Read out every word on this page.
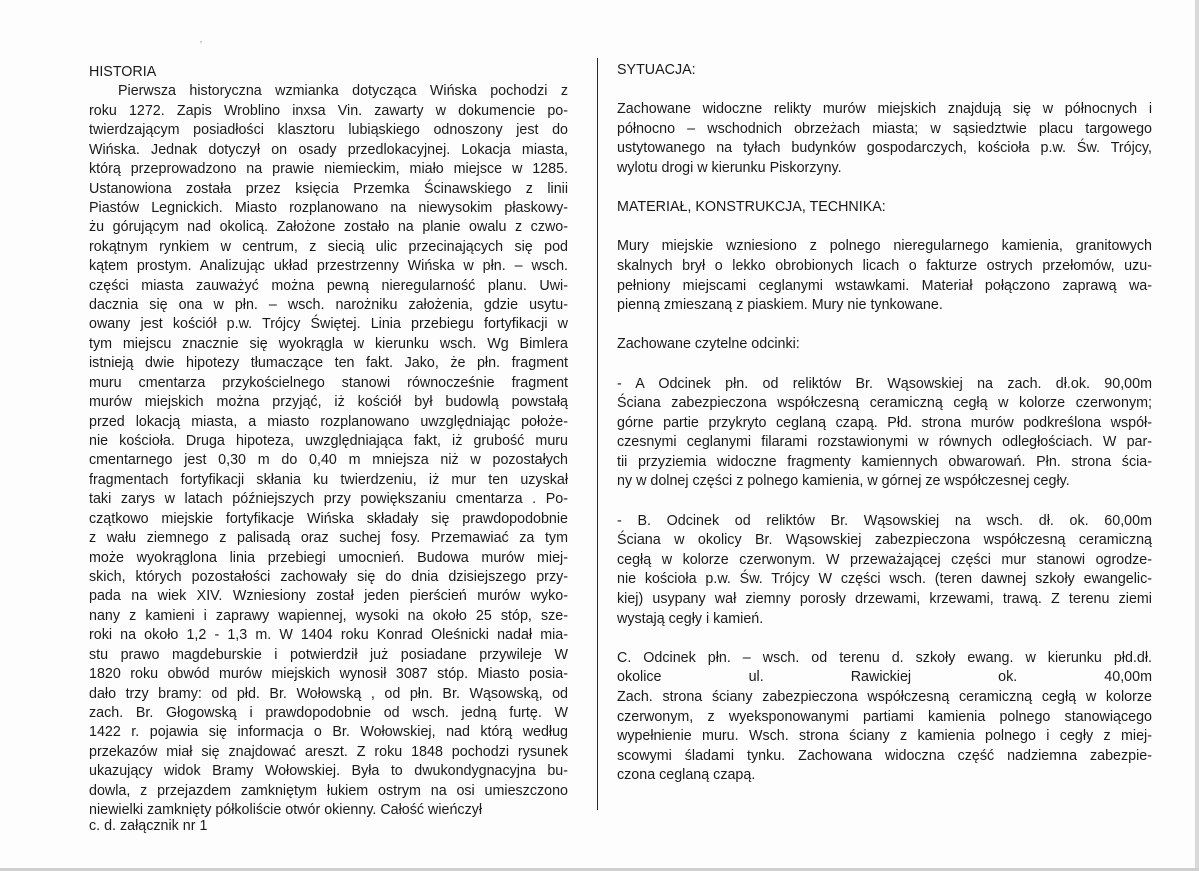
ʼ
HISTORIA
Pierwsza historyczna wzmianka dotycząca Wińska pochodzi z
roku 1272. Zapis Wroblino inxsa Vin. zawarty w dokumencie po-
twierdzającym posiadłości klasztoru lubiąskiego odnoszony jest do
Wińska. Jednak dotyczył on osady przedlokacyjnej. Lokacja miasta,
którą przeprowadzono na prawie niemieckim, miało miejsce w 1285.
Ustanowiona została przez księcia Przemka Ścinawskiego z linii
Piastów Legnickich. Miasto rozplanowano na niewysokim płaskowy-
żu górującym nad okolicą. Założone zostało na planie owalu z czwo-
rokątnym rynkiem w centrum, z siecią ulic przecinających się pod
kątem prostym. Analizując układ przestrzenny Wińska w płn. – wsch.
części miasta zauważyć można pewną nieregularność planu. Uwi-
dacznia się ona w płn. – wsch. narożniku założenia, gdzie usytu-
owany jest kościół p.w. Trójcy Świętej. Linia przebiegu fortyfikacji w
tym miejscu znacznie się wyokrągla w kierunku wsch. Wg Bimlera
istnieją dwie hipotezy tłumaczące ten fakt. Jako, że płn. fragment
muru cmentarza przykościelnego stanowi równocześnie fragment
murów miejskich można przyjąć, iż kościół był budowlą powstałą
przed lokacją miasta, a miasto rozplanowano uwzględniając położe-
nie kościoła. Druga hipoteza, uwzględniająca fakt, iż grubość muru
cmentarnego jest 0,30 m do 0,40 m mniejsza niż w pozostałych
fragmentach fortyfikacji skłania ku twierdzeniu, iż mur ten uzyskał
taki zarys w latach późniejszych przy powiększaniu cmentarza . Po-
czątkowo miejskie fortyfikacje Wińska składały się prawdopodobnie
z wału ziemnego z palisadą oraz suchej fosy. Przemawiać za tym
może wyokrąglona linia przebiegi umocnień. Budowa murów miej-
skich, których pozostałości zachowały się do dnia dzisiejszego przy-
pada na wiek XIV. Wzniesiony został jeden pierścień murów wyko-
nany z kamieni i zaprawy wapiennej, wysoki na około 25 stóp, sze-
roki na około 1,2 - 1,3 m. W 1404 roku Konrad Oleśnicki nadał mia-
stu prawo magdeburskie i potwierdził już posiadane przywileje W
1820 roku obwód murów miejskich wynosił 3087 stóp. Miasto posia-
dało trzy bramy: od płd. Br. Wołowską , od płn. Br. Wąsowską, od
zach. Br. Głogowską i prawdopodobnie od wsch. jedną furtę. W
1422 r. pojawia się informacja o Br. Wołowskiej, nad którą według
przekazów miał się znajdować areszt. Z roku 1848 pochodzi rysunek
ukazujący widok Bramy Wołowskiej. Była to dwukondygnacyjna bu-
dowla, z przejazdem zamkniętym łukiem ostrym na osi umieszczono
niewielki zamknięty półkoliście otwór okienny. Całość wieńczył
SYTUACJA:
Zachowane widoczne relikty murów miejskich znajdują się w północnych i
północno – wschodnich obrzeżach miasta; w sąsiedztwie placu targowego
ustytowanego na tyłach budynków gospodarczych, kościoła p.w. Św. Trójcy,
wylotu drogi w kierunku Piskorzyny.
MATERIAŁ, KONSTRUKCJA, TECHNIKA:
Mury miejskie wzniesiono z polnego nieregularnego kamienia, granitowych
skalnych brył o lekko obrobionych licach o fakturze ostrych przełomów, uzu-
pełniony miejscami ceglanymi wstawkami. Materiał połączono zaprawą wa-
pienną zmieszaną z piaskiem. Mury nie tynkowane.
Zachowane czytelne odcinki:
- A Odcinek płn. od reliktów Br. Wąsowskiej na zach. dł.ok. 90,00m
Ściana zabezpieczona współczesną ceramiczną cegłą w kolorze czerwonym;
górne partie przykryto ceglaną czapą. Płd. strona murów podkreślona współ-
czesnymi ceglanymi filarami rozstawionymi w równych odległościach. W par-
tii przyziemia widoczne fragmenty kamiennych obwarowań. Płn. strona ścia-
ny w dolnej części z polnego kamienia, w górnej ze współczesnej cegły.
- B. Odcinek od reliktów Br. Wąsowskiej na wsch. dł. ok. 60,00m
Ściana w okolicy Br. Wąsowskiej zabezpieczona współczesną ceramiczną
cegłą w kolorze czerwonym. W przeważającej części mur stanowi ogrodze-
nie kościoła p.w. Św. Trójcy W części wsch. (teren dawnej szkoły ewangelic-
kiej) usypany wał ziemny porosły drzewami, krzewami, trawą. Z terenu ziemi
wystają cegły i kamień.
C. Odcinek płn. – wsch. od terenu d. szkoły ewang. w kierunku płd.dł.
okolice ul. Rawickiej ok. 40,00m
Zach. strona ściany zabezpieczona współczesną ceramiczną cegłą w kolorze
czerwonym, z wyeksponowanymi partiami kamienia polnego stanowiącego
wypełnienie muru. Wsch. strona ściany z kamienia polnego i cegły z miej-
scowymi śladami tynku. Zachowana widoczna część nadziemna zabezpie-
czona ceglaną czapą.
c. d. załącznik nr 1
